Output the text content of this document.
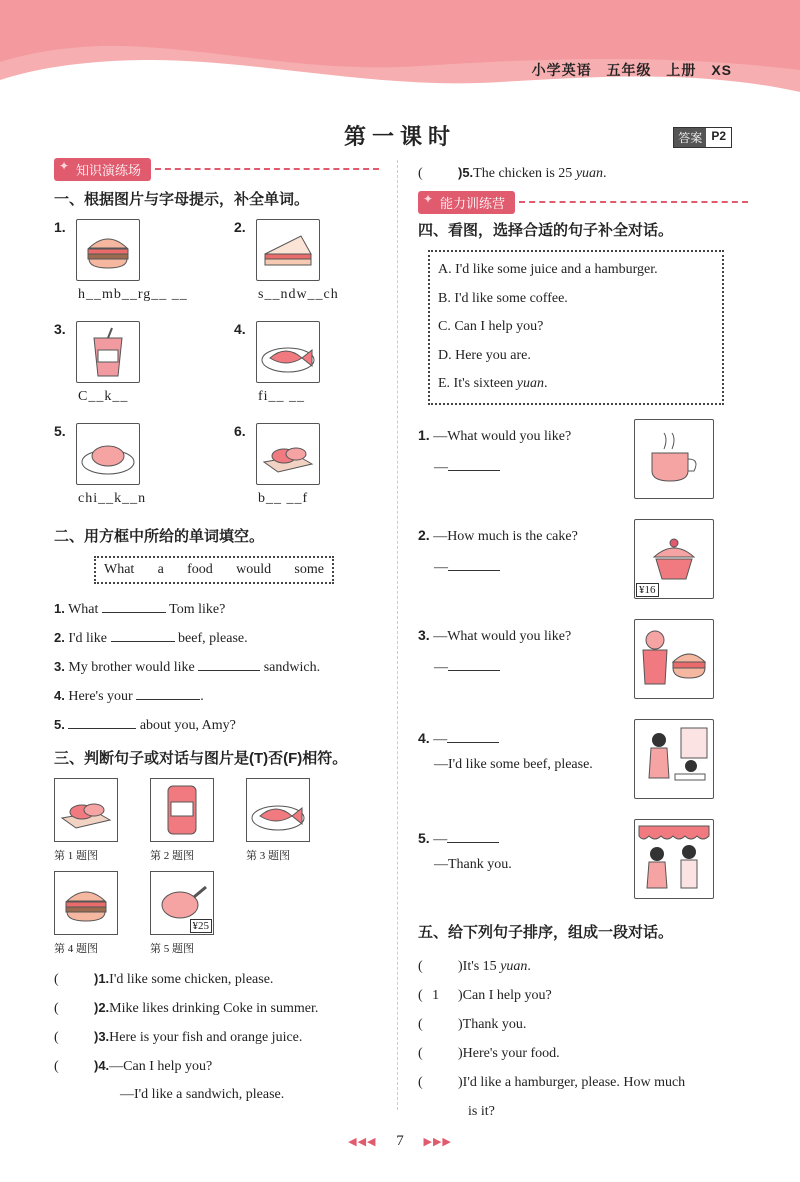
小学英语 五年级 上册 XS
第一课时	答案 P2
✦ 知识演练场
一、根据图片与字母提示，补全单词。
1.
h__mb__rg__ __
2.
s__ndw__ch
3.
C__k__
4.
fi__ __
5.
chi__k__n
6.
b__ __f
二、用方框中所给的单词填空。
What a food would some
1. What	Tom like?
2. I'd like	beef, please.
3. My brother would like	sandwich.
4. Here's your	.
5.	about you, Amy?
三、判断句子或对话与图片是(T)否(F)相符。
第 1 题图	第 2 题图	第 3 题图
第 4 题图
¥25
第 5 题图
(	)1.I'd like some chicken, please.
(	)2.Mike likes drinking Coke in summer.
(	)3.Here is your fish and orange juice.
(	)4.—Can I help you?
—I'd like a sandwich, please.
(	)5.The chicken is 25 yuan.
✦ 能力训练营
四、看图，选择合适的句子补全对话。
A. I'd like some juice and a hamburger.
B. I'd like some coffee.
C. Can I help you?
D. Here you are.
E. It's sixteen yuan.
1. —What would you like?
—
2. —How much is the cake?
—
¥16
3. —What would you like?
—
4. —
—I'd like some beef, please.
5. —
—Thank you.
五、给下列句子排序，组成一段对话。
(	)It's 15 yuan.
( 1 )Can I help you?
(	)Thank you.
(	)Here's your food.
(	)I'd like a hamburger, please. How much
is it?
◀◀◀ 7 ▶▶▶
